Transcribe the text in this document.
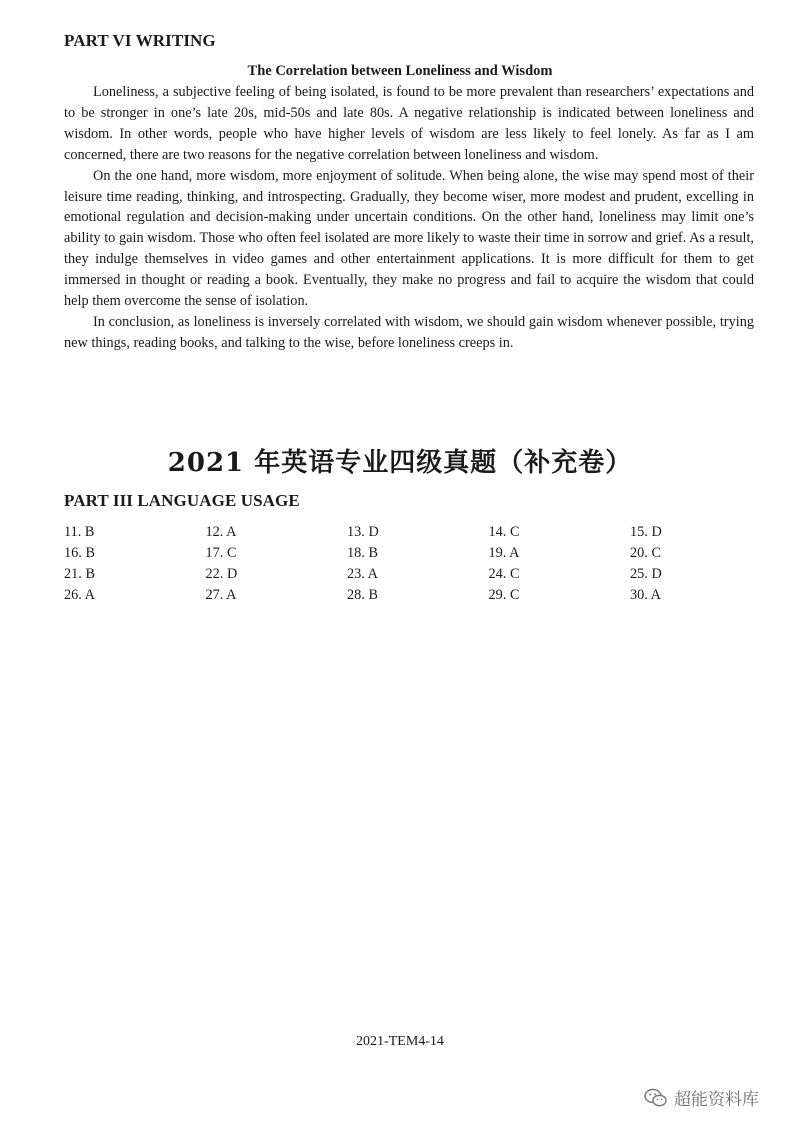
PART VI WRITING
The Correlation between Loneliness and Wisdom

Loneliness, a subjective feeling of being isolated, is found to be more prevalent than researchers’ expectations and to be stronger in one’s late 20s, mid-50s and late 80s. A negative relationship is indicated between loneliness and wisdom. In other words, people who have higher levels of wisdom are less likely to feel lonely. As far as I am concerned, there are two reasons for the negative correlation between loneliness and wisdom.

On the one hand, more wisdom, more enjoyment of solitude. When being alone, the wise may spend most of their leisure time reading, thinking, and introspecting. Gradually, they become wiser, more modest and prudent, excelling in emotional regulation and decision-making under uncertain conditions. On the other hand, loneliness may limit one’s ability to gain wisdom. Those who often feel isolated are more likely to waste their time in sorrow and grief. As a result, they indulge themselves in video games and other entertainment applications. It is more difficult for them to get immersed in thought or reading a book. Eventually, they make no progress and fail to acquire the wisdom that could help them overcome the sense of isolation.

In conclusion, as loneliness is inversely correlated with wisdom, we should gain wisdom whenever possible, trying new things, reading books, and talking to the wise, before loneliness creeps in.

2021 年英语专业四级真题（补充卷）
PART III LANGUAGE USAGE
11. B	12. A	13. D	14. C	15. D
16. B	17. C	18. B	19. A	20. C
21. B	22. D	23. A	24. C	25. D
26. A	27. A	28. B	29. C	30. A
2021-TEM4-14
超能资料库
